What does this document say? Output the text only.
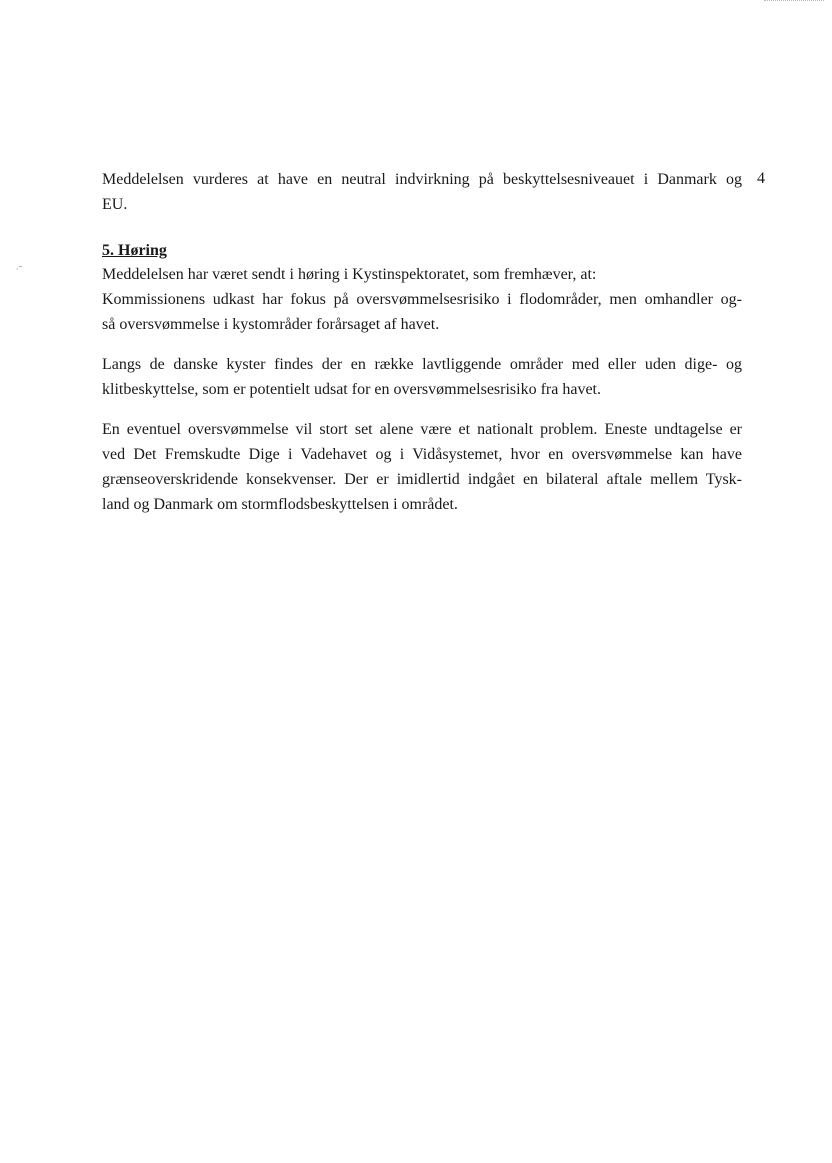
·˜
4

Meddelelsen vurderes at have en neutral indvirkning på beskyttelsesniveauet i Danmark og
EU.

5. Høring

Meddelelsen har været sendt i høring i Kystinspektoratet, som fremhæver, at:

Kommissionens udkast har fokus på oversvømmelsesrisiko i flodområder, men omhandler og-
så oversvømmelse i kystområder forårsaget af havet.

Langs de danske kyster findes der en række lavtliggende områder med eller uden dige- og
klitbeskyttelse, som er potentielt udsat for en oversvømmelsesrisiko fra havet.

En eventuel oversvømmelse vil stort set alene være et nationalt problem. Eneste undtagelse er
ved Det Fremskudte Dige i Vadehavet og i Vidåsystemet, hvor en oversvømmelse kan have
grænseoverskridende konsekvenser. Der er imidlertid indgået en bilateral aftale mellem Tysk-
land og Danmark om stormflodsbeskyttelsen i området.
